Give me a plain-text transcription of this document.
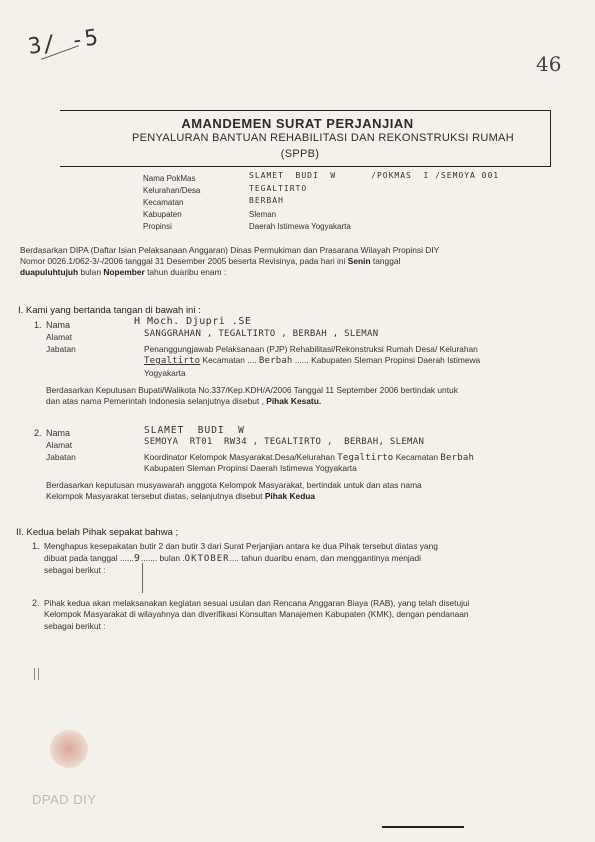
3/ -5
46
AMANDEMEN SURAT PERJANJIAN
PENYALURAN BANTUAN REHABILITASI DAN REKONSTRUKSI RUMAH
(SPPB)
Nama PokMas	SLAMET  BUDI  W      /POKMAS  I /SEMOYA 001
Kelurahan/Desa	TEGALTIRTO
Kecamatan	BERBAH
Kabupaten	Sleman
Propinsi	Daerah Istimewa Yogyakarta
Berdasarkan DIPA (Daftar Isian Pelaksanaan Anggaran) Dinas Permukiman dan Prasarana Wilayah Propinsi DIY
Nomor 0026.1/062-3/-/2006 tanggal 31 Desember 2005 beserta Revisinya, pada hari ini Senin tanggal
duapuluhtujuh bulan Nopember tahun duaribu enam :
I. Kami yang bertanda tangan di bawah ini :
1. Nama	H Moch. Djupri .SE
Alamat	SANGGRAHAN , TEGALTIRTO , BERBAH , SLEMAN
Jabatan	Penanggungjawab Pelaksanaan (PJP) Rehabilitasi/Rekonstruksi Rumah Desa/ Kelurahan
Tegaltirto Kecamatan .... Berbah ...... Kabupaten Sleman Propinsi Daerah Istimewa
Yogyakarta
Berdasarkan Keputusan Bupati/Walikota No.337/Kep.KDH/A/2006 Tanggal 11 September 2006 bertindak untuk
dan atas nama Pemerintah Indonesia selanjutnya disebut , Pihak Kesatu.
2. Nama	SLAMET  BUDI  W
Alamat	SEMOYA  RT01  RW34 , TEGALTIRTO ,  BERBAH, SLEMAN
Jabatan	Koordinator Kelompok Masyarakat.Desa/Kelurahan Tegaltirto Kecamatan Berbah
Kabupaten Sleman Propinsi Daerah Istimewa Yogyakarta
Berdasarkan keputusan musyawarah anggota Kelompok Masyarakat, bertindak untuk dan atas nama
Kelompok Masyarakat tersebut diatas, selanjutnya disebut Pihak Kedua
II. Kedua belah Pihak sepakat bahwa ;
1. Menghapus kesepakatan butir 2 dan butir 3 dari Surat Perjanjian antara ke dua Pihak tersebut diatas yang
dibuat pada tanggal ......9....... bulan .OKTOBER.... tahun duaribu enam, dan menggantinya menjadi
sebagai berikut :
2. Pihak kedua akan melaksanakan kegiatan sesuai usulan dan Rencana Anggaran Biaya (RAB), yang telah disetujui
Kelompok Masyarakat di wilayahnya dan diverifikasi Konsultan Manajemen Kabupaten (KMK), dengan pendanaan
sebagai berikut :
DPAD DIY
